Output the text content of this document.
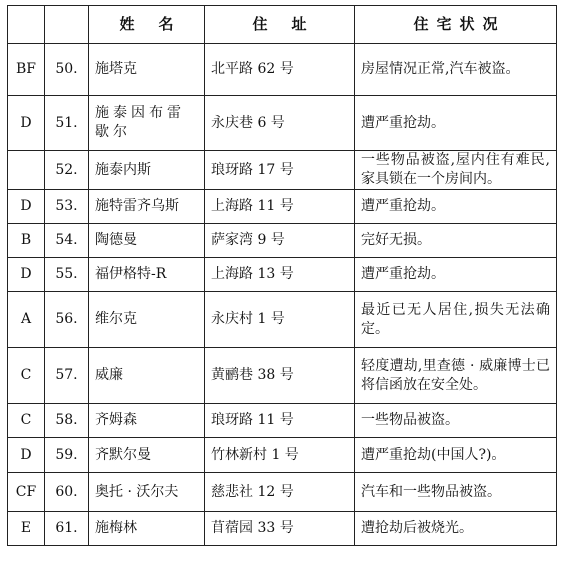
		姓名	住址	住宅状况
BF	50.	施塔克	北平路 62 号	房屋情况正常,汽车被盗。
D	51.	施泰因布雷歇尔	永庆巷 6 号	遭严重抢劫。
	52.	施泰内斯	琅玡路 17 号	一些物品被盗,屋内住有难民,家具锁在一个房间内。
D	53.	施特雷齐乌斯	上海路 11 号	遭严重抢劫。
B	54.	陶德曼	萨家湾 9 号	完好无损。
D	55.	福伊格特-R	上海路 13 号	遭严重抢劫。
A	56.	维尔克	永庆村 1 号	最近已无人居住,损失无法确定。
C	57.	威廉	黄鹂巷 38 号	轻度遭劫,里查德 · 威廉博士已将信函放在安全处。
C	58.	齐姆森	琅玡路 11 号	一些物品被盗。
D	59.	齐默尔曼	竹林新村 1 号	遭严重抢劫(中国人?)。
CF	60.	奥托 · 沃尔夫	慈悲社 12 号	汽车和一些物品被盗。
E	61.	施梅林	苜蓿园 33 号	遭抢劫后被烧光。
